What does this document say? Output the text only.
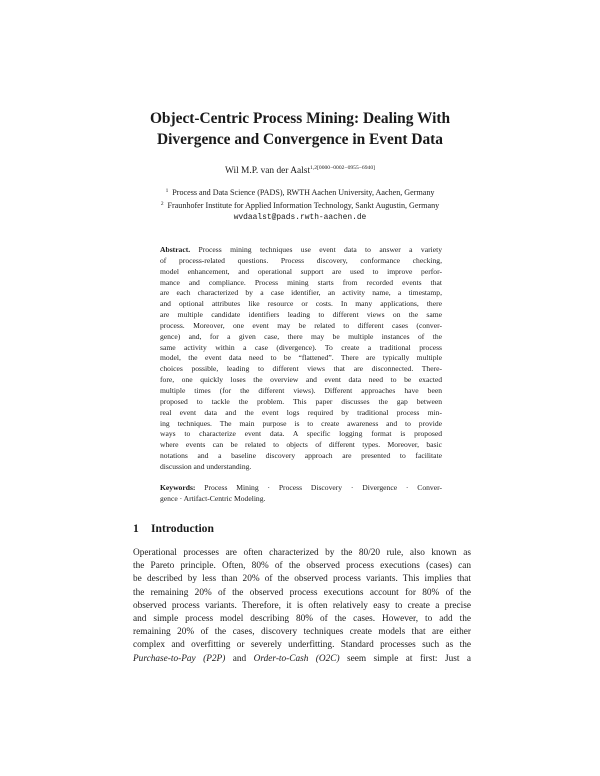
Object-Centric Process Mining: Dealing With
Divergence and Convergence in Event Data
Wil M.P. van der Aalst$^{1,2[0000-0002-0955-6940]}$
$^1$ Process and Data Science (PADS), RWTH Aachen University, Aachen, Germany
$^2$ Fraunhofer Institute for Applied Information Technology, Sankt Augustin, Germany
wvdaalst@pads.rwth-aachen.de
Abstract. Process mining techniques use event data to answer a variety
of process-related questions. Process discovery, conformance checking,
model enhancement, and operational support are used to improve perfor-
mance and compliance. Process mining starts from recorded events that
are each characterized by a case identifier, an activity name, a timestamp,
and optional attributes like resource or costs. In many applications, there
are multiple candidate identifiers leading to different views on the same
process. Moreover, one event may be related to different cases (conver-
gence) and, for a given case, there may be multiple instances of the
same activity within a case (divergence). To create a traditional process
model, the event data need to be “flattened”. There are typically multiple
choices possible, leading to different views that are disconnected. There-
fore, one quickly loses the overview and event data need to be exacted
multiple times (for the different views). Different approaches have been
proposed to tackle the problem. This paper discusses the gap between
real event data and the event logs required by traditional process min-
ing techniques. The main purpose is to create awareness and to provide
ways to characterize event data. A specific logging format is proposed
where events can be related to objects of different types. Moreover, basic
notations and a baseline discovery approach are presented to facilitate
discussion and understanding.
Keywords: Process Mining · Process Discovery · Divergence · Conver-
gence · Artifact-Centric Modeling.
1 Introduction
Operational processes are often characterized by the 80/20 rule, also known as
the Pareto principle. Often, 80% of the observed process executions (cases) can
be described by less than 20% of the observed process variants. This implies that
the remaining 20% of the observed process executions account for 80% of the
observed process variants. Therefore, it is often relatively easy to create a precise
and simple process model describing 80% of the cases. However, to add the
remaining 20% of the cases, discovery techniques create models that are either
complex and overfitting or severely underfitting. Standard processes such as the
Purchase-to-Pay (P2P) and Order-to-Cash (O2C) seem simple at first: Just a
